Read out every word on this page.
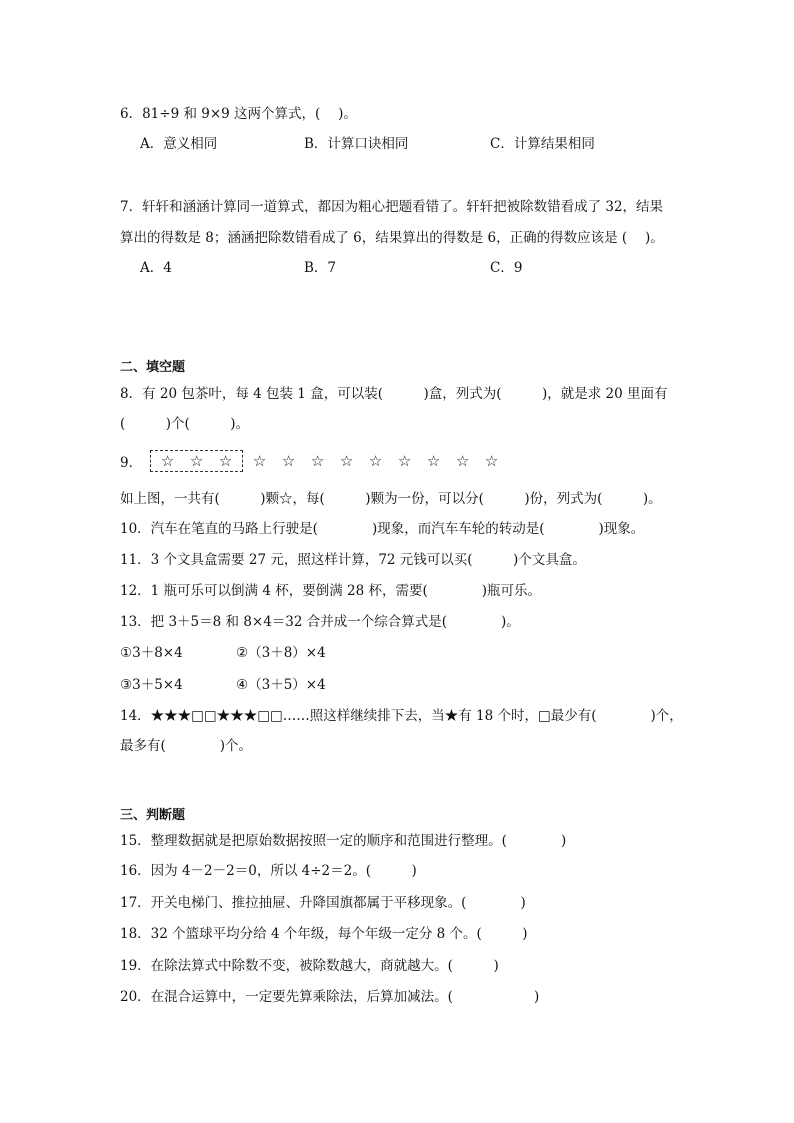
6．81÷9 和 9×9 这两个算式，(　 )。
A．意义相同	B．计算口诀相同	C．计算结果相同
7．轩轩和涵涵计算同一道算式，都因为粗心把题看错了。轩轩把被除数错看成了 32，结果
算出的得数是 8；涵涵把除数错看成了 6，结果算出的得数是 6，正确的得数应该是 (　 )。
A．4	B．7	C．9
二、填空题
8．有 20 包茶叶，每 4 包装 1 盒，可以装(　　　)盒，列式为(　　　)，就是求 20 里面有
(　　　)个(　　　)。
9．	☆	☆	☆	☆	☆	☆	☆	☆	☆	☆	☆	☆
如上图，一共有(　　　)颗☆，每(　　　)颗为一份，可以分(　　　)份，列式为(　　　)。
10．汽车在笔直的马路上行驶是(　　　　)现象，而汽车车轮的转动是(　　　　)现象。
11．3 个文具盒需要 27 元，照这样计算，72 元钱可以买(　　　)个文具盒。
12．1 瓶可乐可以倒满 4 杯，要倒满 28 杯，需要(　　　　)瓶可乐。
13．把 3＋5＝8 和 8×4＝32 合并成一个综合算式是(　　　　)。
①3＋8×4	②（3＋8）×4
③3＋5×4	④（3＋5）×4
14．★★★□□★★★□□……照这样继续排下去，当★有 18 个时，□最少有(　　　　)个，
最多有(　　　　)个。
三、判断题
15．整理数据就是把原始数据按照一定的顺序和范围进行整理。(　　　　)
16．因为 4－2－2＝0，所以 4÷2＝2。(　　　)
17．开关电梯门、推拉抽屉、升降国旗都属于平移现象。(　　　　)
18．32 个篮球平均分给 4 个年级，每个年级一定分 8 个。(　　　)
19．在除法算式中除数不变，被除数越大，商就越大。(　　　)
20．在混合运算中，一定要先算乘除法，后算加减法。(　　　　　　)
